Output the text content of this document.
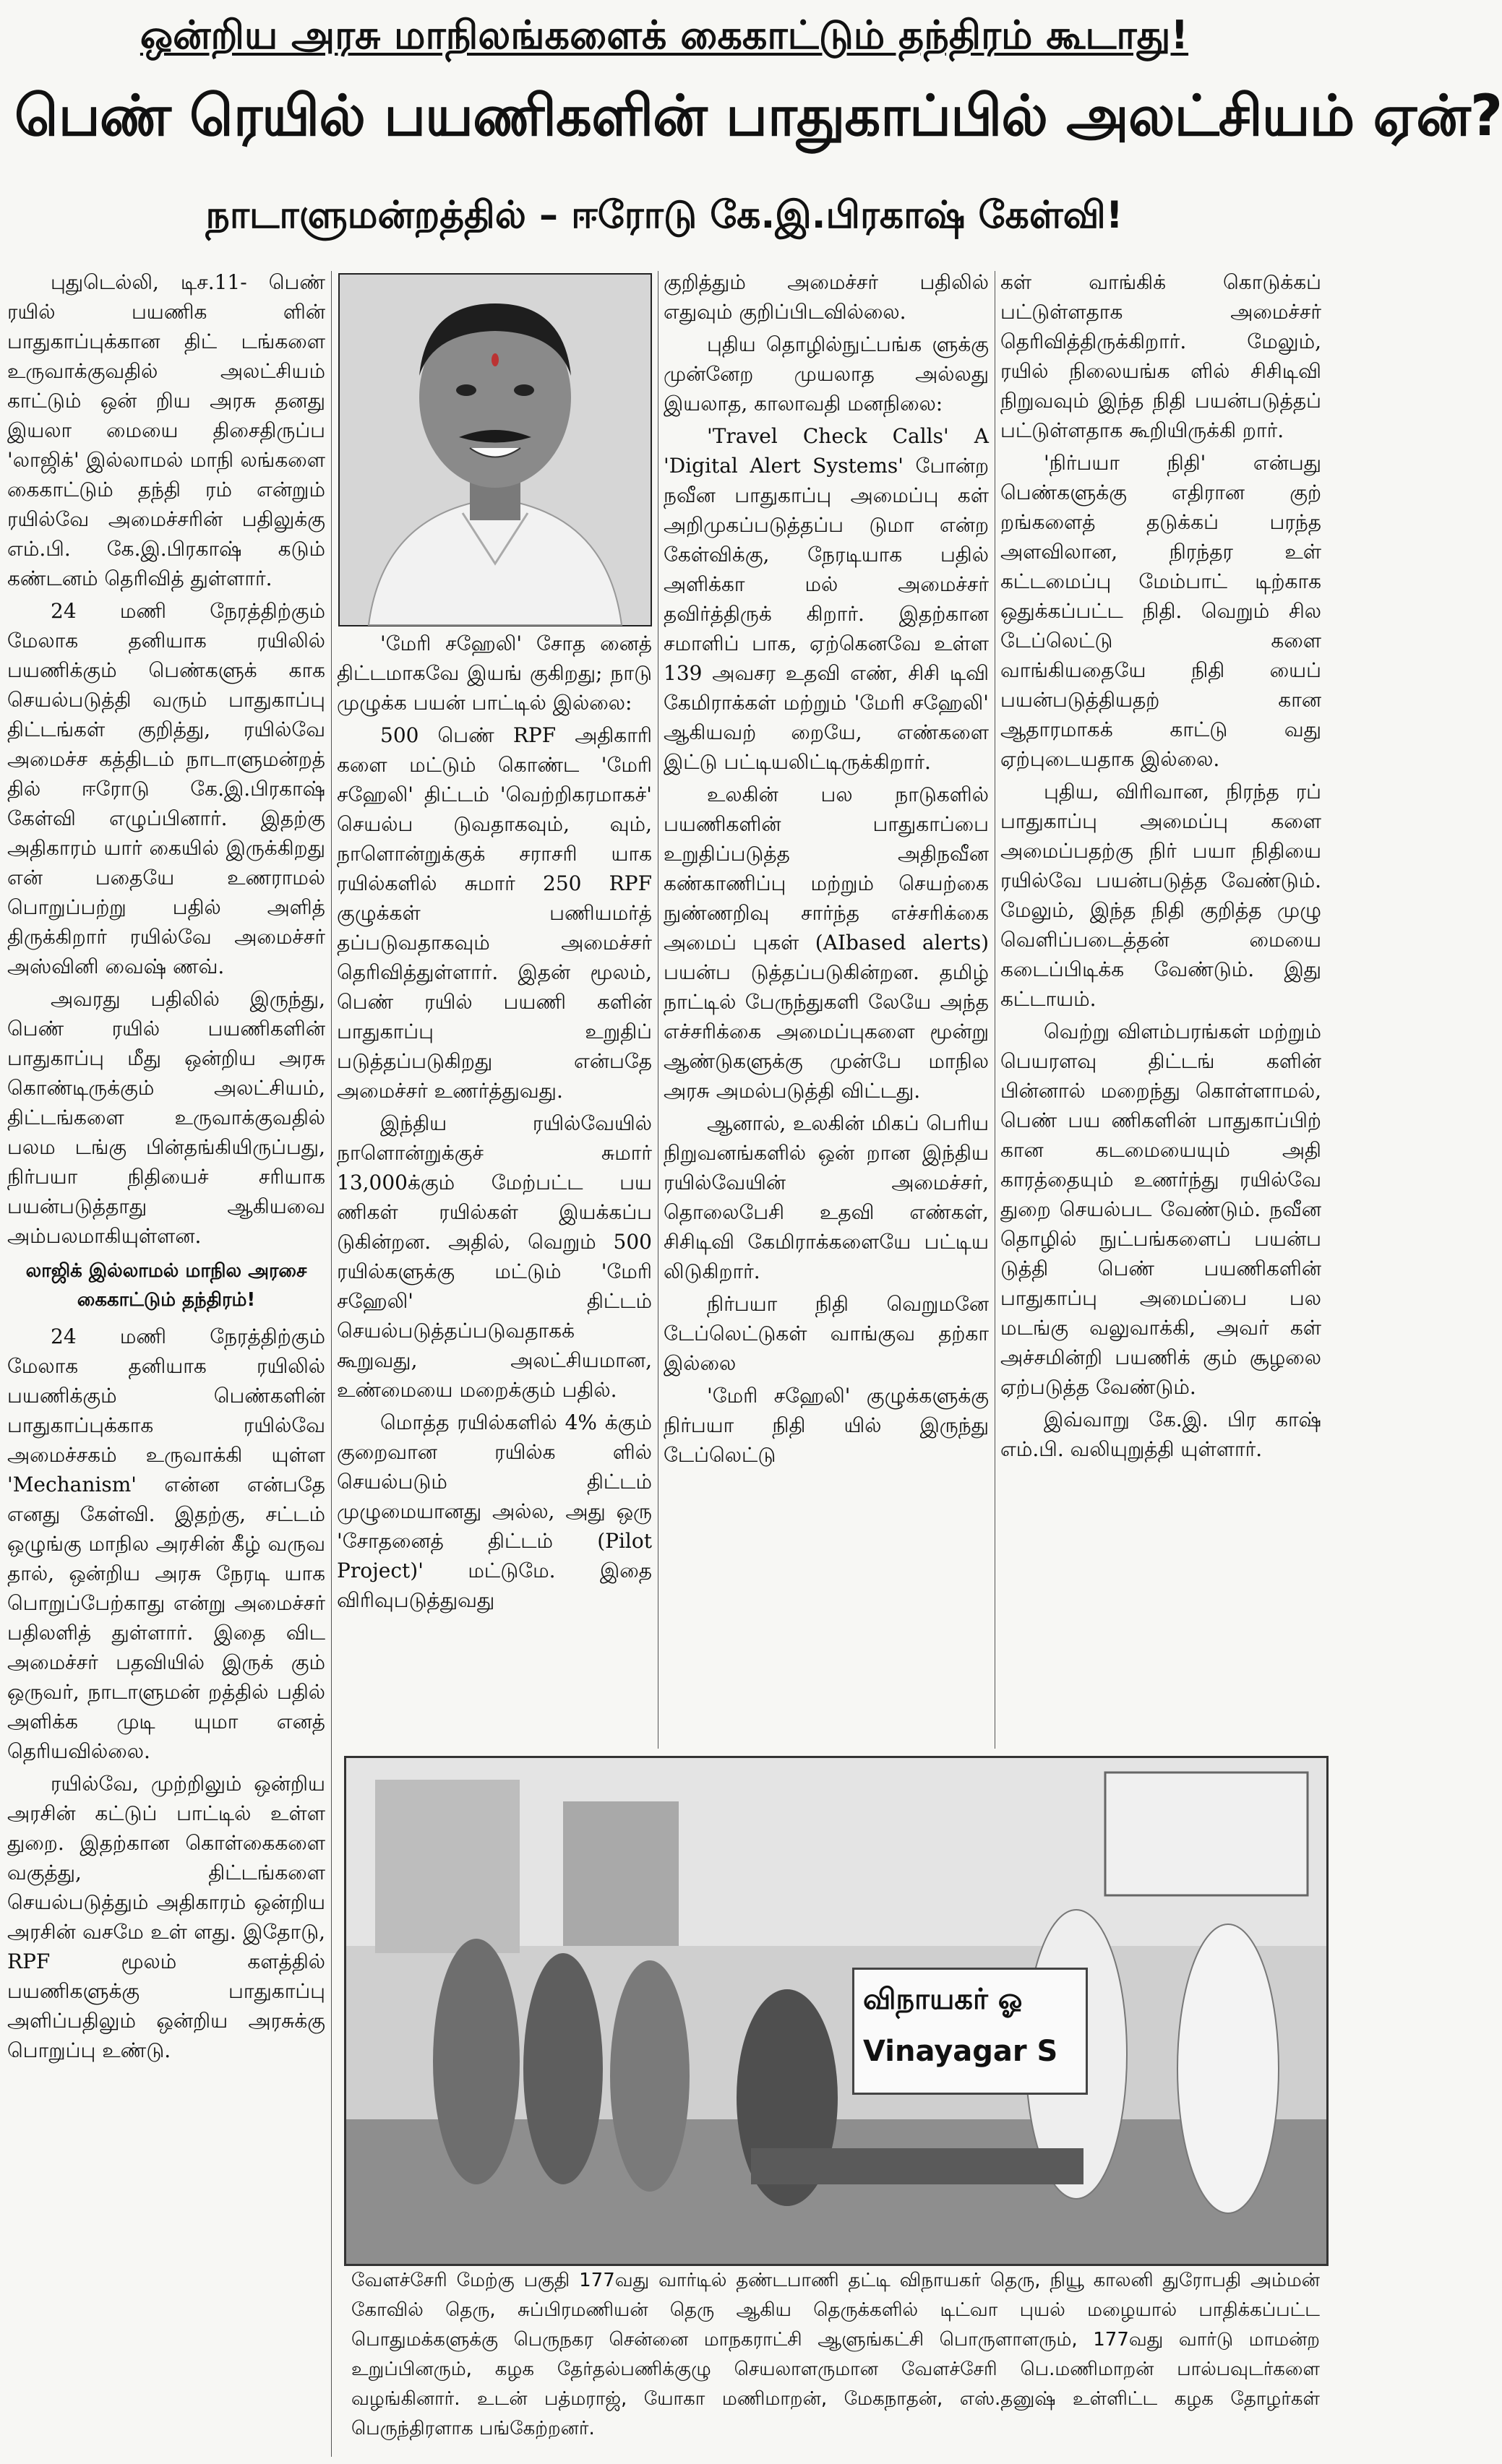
ஒன்றிய அரசு மாநிலங்களைக் கைகாட்டும் தந்திரம் கூடாது!
பெண் ரெயில் பயணிகளின் பாதுகாப்பில் அலட்சியம் ஏன்?
நாடாளுமன்றத்தில் – ஈரோடு கே.இ.பிரகாஷ் கேள்வி!

புதுடெல்லி, டிச.11- பெண் ரயில் பயணிக ளின் பாதுகாப்புக்கான திட் டங்களை உருவாக்குவதில் அலட்சியம் காட்டும் ஒன் றிய அரசு தனது இயலா மையை திசைதிருப்ப 'லாஜிக்' இல்லாமல் மாநி லங்களை கைகாட்டும் தந்தி ரம் என்றும் ரயில்வே அமைச்சரின் பதிலுக்கு எம்.பி. கே.இ.பிரகாஷ் கடும் கண்டனம் தெரிவித் துள்ளார்.

24 மணி நேரத்திற்கும் மேலாக தனியாக ரயிலில் பயணிக்கும் பெண்களுக் காக செயல்படுத்தி வரும் பாதுகாப்பு திட்டங்கள் குறித்து, ரயில்வே அமைச்ச கத்திடம் நாடாளுமன்றத் தில் ஈரோடு கே.இ.பிரகாஷ் கேள்வி எழுப்பினார். இதற்கு அதிகாரம் யார் கையில் இருக்கிறது என் பதையே உணராமல் பொறுப்பற்று பதில் அளித் திருக்கிறார் ரயில்வே அமைச்சர் அஸ்வினி வைஷ் ணவ்.

அவரது பதிலில் இருந்து, பெண் ரயில் பயணிகளின் பாதுகாப்பு மீது ஒன்றிய அரசு கொண்டிருக்கும் அலட்சியம், திட்டங்களை உருவாக்குவதில் பலம டங்கு பின்தங்கியிருப்பது, நிர்பயா நிதியைச் சரியாக பயன்படுத்தாது ஆகியவை அம்பலமாகியுள்ளன.

லாஜிக் இல்லாமல் மாநில அரசை கைகாட்டும் தந்திரம்!

24 மணி நேரத்திற்கும் மேலாக தனியாக ரயிலில் பயணிக்கும் பெண்களின் பாதுகாப்புக்காக ரயில்வே அமைச்சகம் உருவாக்கி யுள்ள 'Mechanism' என்ன என்பதே எனது கேள்வி. இதற்கு, சட்டம் ஒழுங்கு மாநில அரசின் கீழ் வருவ தால், ஒன்றிய அரசு நேரடி யாக பொறுப்பேற்காது என்று அமைச்சர் பதிலளித் துள்ளார். இதை விட அமைச்சர் பதவியில் இருக் கும் ஒருவர், நாடாளுமன் றத்தில் பதில் அளிக்க முடி யுமா எனத் தெரியவில்லை.

ரயில்வே, முற்றிலும் ஒன்றிய அரசின் கட்டுப் பாட்டில் உள்ள துறை. இதற்கான கொள்கைகளை வகுத்து, திட்டங்களை செயல்படுத்தும் அதிகாரம் ஒன்றிய அரசின் வசமே உள் ளது. இதோடு, RPF மூலம் களத்தில் பயணிகளுக்கு பாதுகாப்பு அளிப்பதிலும் ஒன்றிய அரசுக்கு பொறுப்பு உண்டு.

'மேரி சஹேலி' சோத னைத் திட்டமாகவே இயங் குகிறது; நாடு முழுக்க பயன் பாட்டில் இல்லை:

500 பெண் RPF அதிகாரி களை மட்டும் கொண்ட 'மேரி சஹேலி' திட்டம் 'வெற்றிகரமாகச்' செயல்ப டுவதாகவும், வும், நாளொன்றுக்குக் சராசரி யாக ரயில்களில் சுமார் 250 RPF குழுக்கள் பணியமர்த் தப்படுவதாகவும் அமைச்சர் தெரிவித்துள்ளார். இதன் மூலம், பெண் ரயில் பயணி களின் பாதுகாப்பு உறுதிப் படுத்தப்படுகிறது என்பதே அமைச்சர் உணர்த்துவது.

இந்திய ரயில்வேயில் நாளொன்றுக்குச் சுமார் 13,000க்கும் மேற்பட்ட பய ணிகள் ரயில்கள் இயக்கப்ப டுகின்றன. அதில், வெறும் 500 ரயில்களுக்கு மட்டும் 'மேரி சஹேலி' திட்டம் செயல்படுத்தப்படுவதாகக் கூறுவது, அலட்சியமான, உண்மையை மறைக்கும் பதில்.

மொத்த ரயில்களில் 4% க்கும் குறைவான ரயில்க ளில் செயல்படும் திட்டம் முழுமையானது அல்ல, அது ஒரு 'சோதனைத் திட்டம் (Pilot Project)' மட்டுமே. இதை விரிவுபடுத்துவது

குறித்தும் அமைச்சர் பதிலில் எதுவும் குறிப்பிடவில்லை.

புதிய தொழில்நுட்பங்க ளுக்கு முன்னேற முயலாத அல்லது இயலாத, காலாவதி மனநிலை:

'Travel Check Calls' A 'Digital Alert Systems' போன்ற நவீன பாதுகாப்பு அமைப்பு கள் அறிமுகப்படுத்தப்ப டுமா என்ற கேள்விக்கு, நேரடியாக பதில் அளிக்கா மல் அமைச்சர் தவிர்த்திருக் கிறார். இதற்கான சமாளிப் பாக, ஏற்கெனவே உள்ள 139 அவசர உதவி எண், சிசி டிவி கேமிராக்கள் மற்றும் 'மேரி சஹேலி' ஆகியவற் றையே, எண்களை இட்டு பட்டியலிட்டிருக்கிறார்.

உலகின் பல நாடுகளில் பயணிகளின் பாதுகாப்பை உறுதிப்படுத்த அதிநவீன கண்காணிப்பு மற்றும் செயற்கை நுண்ணறிவு சார்ந்த எச்சரிக்கை அமைப் புகள் (AIbased alerts) பயன்ப டுத்தப்படுகின்றன. தமிழ் நாட்டில் பேருந்துகளி லேயே அந்த எச்சரிக்கை அமைப்புகளை மூன்று ஆண்டுகளுக்கு முன்பே மாநில அரசு அமல்படுத்தி விட்டது.

ஆனால், உலகின் மிகப் பெரிய நிறுவனங்களில் ஒன் றான இந்திய ரயில்வேயின் அமைச்சர், தொலைபேசி உதவி எண்கள், சிசிடிவி கேமிராக்களையே பட்டிய லிடுகிறார்.

நிர்பயா நிதி வெறுமனே டேப்லெட்டுகள் வாங்குவ தற்கா இல்லை

'மேரி சஹேலி' குழுக்களுக்கு நிர்பயா நிதி யில் இருந்து டேப்லெட்டு

கள் வாங்கிக் கொடுக்கப் பட்டுள்ளதாக அமைச்சர் தெரிவித்திருக்கிறார். மேலும், ரயில் நிலையங்க ளில் சிசிடிவி நிறுவவும் இந்த நிதி பயன்படுத்தப் பட்டுள்ளதாக கூறியிருக்கி றார்.

'நிர்பயா நிதி' என்பது பெண்களுக்கு எதிரான குற் றங்களைத் தடுக்கப் பரந்த அளவிலான, நிரந்தர உள் கட்டமைப்பு மேம்பாட் டிற்காக ஒதுக்கப்பட்ட நிதி. வெறும் சில டேப்லெட்டு களை வாங்கியதையே நிதி யைப் பயன்படுத்தியதற் கான ஆதாரமாகக் காட்டு வது ஏற்புடையதாக இல்லை.

புதிய, விரிவான, நிரந்த ரப் பாதுகாப்பு அமைப்பு களை அமைப்பதற்கு நிர் பயா நிதியை ரயில்வே பயன்படுத்த வேண்டும். மேலும், இந்த நிதி குறித்த முழு வெளிப்படைத்தன் மையை கடைப்பிடிக்க வேண்டும். இது கட்டாயம்.

வெற்று விளம்பரங்கள் மற்றும் பெயரளவு திட்டங் களின் பின்னால் மறைந்து கொள்ளாமல், பெண் பய ணிகளின் பாதுகாப்பிற் கான கடமையையும் அதி காரத்தையும் உணர்ந்து ரயில்வே துறை செயல்பட வேண்டும். நவீன தொழில் நுட்பங்களைப் பயன்ப டுத்தி பெண் பயணிகளின் பாதுகாப்பு அமைப்பை பல மடங்கு வலுவாக்கி, அவர் கள் அச்சமின்றி பயணிக் கும் சூழலை ஏற்படுத்த வேண்டும்.

இவ்வாறு கே.இ. பிர காஷ் எம்.பி. வலியுறுத்தி யுள்ளார்.

விநாயகர் ஓ
Vinayagar S
வேளச்சேரி மேற்கு பகுதி 177வது வார்டில் தண்டபாணி தட்டி விநாயகர் தெரு, நியூ காலனி துரோபதி அம்மன் கோவில் தெரு, சுப்பிரமணியன் தெரு ஆகிய தெருக்களில் டிட்வா புயல் மழையால் பாதிக்கப்பட்ட பொதுமக்களுக்கு பெருநகர சென்னை மாநகராட்சி ஆளுங்கட்சி பொருளாளரும், 177வது வார்டு மாமன்ற உறுப்பினரும், கழக தேர்தல்பணிக்குழு செயலாளருமான வேளச்சேரி பெ.மணிமாறன் பால்பவுடர்களை வழங்கினார். உடன் பத்மராஜ், யோகா மணிமாறன், மேகநாதன், எஸ்.தனுஷ் உள்ளிட்ட கழக தோழர்கள் பெருந்திரளாக பங்கேற்றனர்.
